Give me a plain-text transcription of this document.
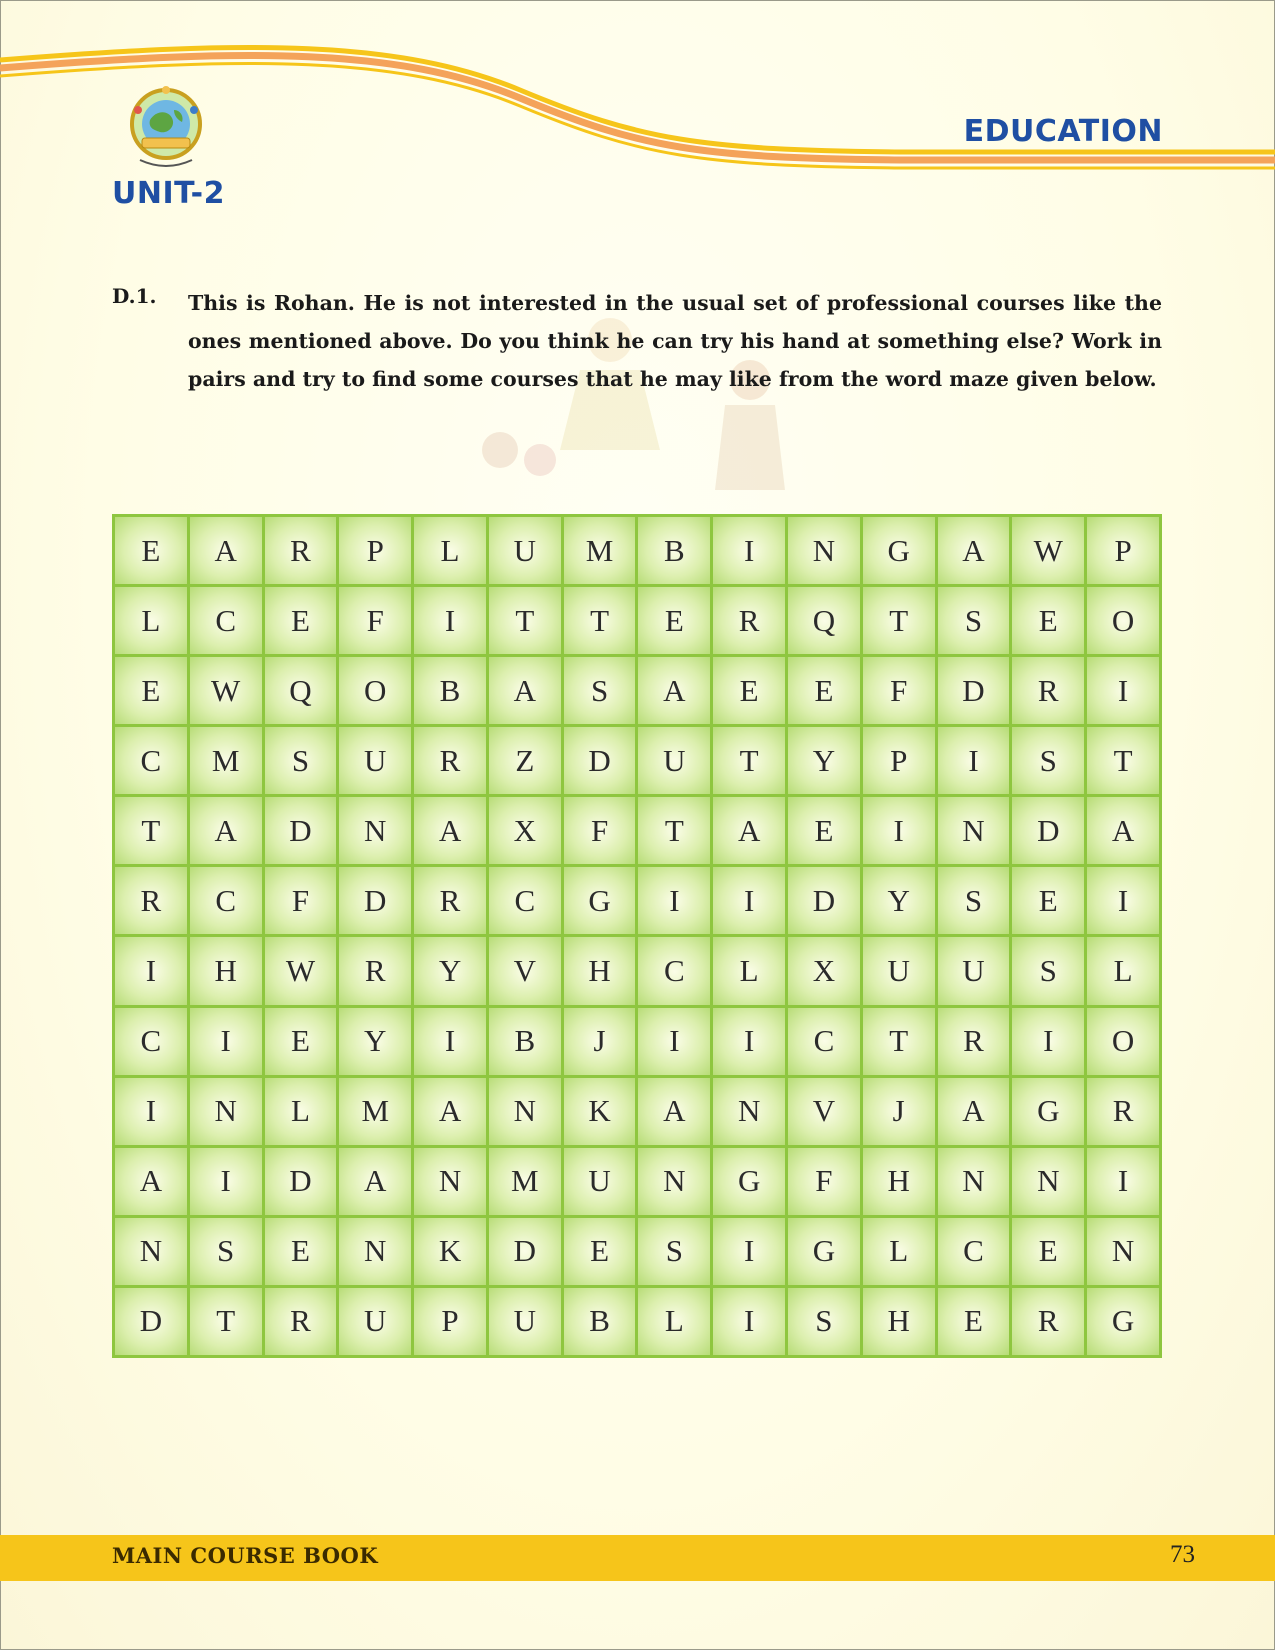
UNIT-2
EDUCATION
D.1. This is Rohan. He is not interested in the usual set of professional courses like the ones mentioned above. Do you think he can try his hand at something else? Work in pairs and try to find some courses that he may like from the word maze given below.
E	A	R	P	L	U	M	B	I	N	G	A	W	P
L	C	E	F	I	T	T	E	R	Q	T	S	E	O
E	W	Q	O	B	A	S	A	E	E	F	D	R	I
C	M	S	U	R	Z	D	U	T	Y	P	I	S	T
T	A	D	N	A	X	F	T	A	E	I	N	D	A
R	C	F	D	R	C	G	I	I	D	Y	S	E	I
I	H	W	R	Y	V	H	C	L	X	U	U	S	L
C	I	E	Y	I	B	J	I	I	C	T	R	I	O
I	N	L	M	A	N	K	A	N	V	J	A	G	R
A	I	D	A	N	M	U	N	G	F	H	N	N	I
N	S	E	N	K	D	E	S	I	G	L	C	E	N
D	T	R	U	P	U	B	L	I	S	H	E	R	G
MAIN COURSE BOOK	73
